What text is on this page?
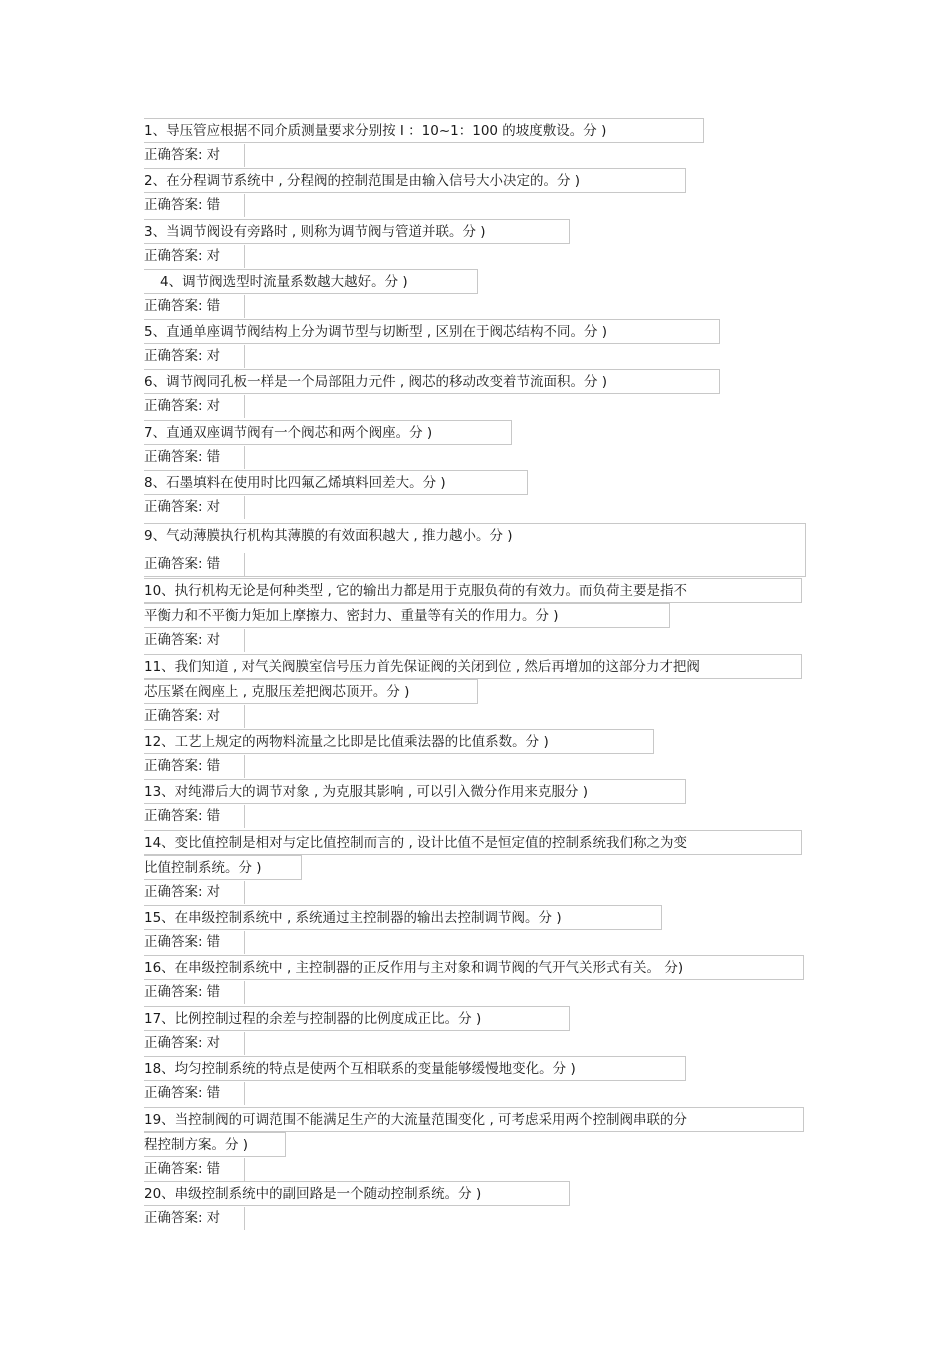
1、导压管应根据不同介质测量要求分别按 I ：10~1：100 的坡度敷设。分 )
正确答案: 对
2、在分程调节系统中 , 分程阀的控制范围是由输入信号大小决定的。分 )
正确答案: 错
3、当调节阀设有旁路时 , 则称为调节阀与管道并联。分 )
正确答案: 对
4、调节阀选型时流量系数越大越好。分 )
正确答案: 错
5、直通单座调节阀结构上分为调节型与切断型 , 区别在于阀芯结构不同。分 )
正确答案: 对
6、调节阀同孔板一样是一个局部阻力元件 , 阀芯的移动改变着节流面积。分 )
正确答案: 对
7、直通双座调节阀有一个阀芯和两个阀座。分 )
正确答案: 错
8、石墨填料在使用时比四氟乙烯填料回差大。分 )
正确答案: 对
9、气动薄膜执行机构其薄膜的有效面积越大 , 推力越小。分 )
正确答案: 错
10、执行机构无论是何种类型 , 它的输出力都是用于克服负荷的有效力。而负荷主要是指不
平衡力和不平衡力矩加上摩擦力、密封力、重量等有关的作用力。分 )
正确答案: 对
11、我们知道 , 对气关阀膜室信号压力首先保证阀的关闭到位 , 然后再增加的这部分力才把阀
芯压紧在阀座上 , 克服压差把阀芯顶开。分 )
正确答案: 对
12、工艺上规定的两物料流量之比即是比值乘法器的比值系数。分 )
正确答案: 错
13、对纯滞后大的调节对象 , 为克服其影响 , 可以引入微分作用来克服分 )
正确答案: 错
14、变比值控制是相对与定比值控制而言的 , 设计比值不是恒定值的控制系统我们称之为变
比值控制系统。分 )
正确答案: 对
15、在串级控制系统中 , 系统通过主控制器的输出去控制调节阀。分 )
正确答案: 错
16、在串级控制系统中 , 主控制器的正反作用与主对象和调节阀的气开气关形式有关。 分)
正确答案: 错
17、比例控制过程的余差与控制器的比例度成正比。分 )
正确答案: 对
18、均匀控制系统的特点是使两个互相联系的变量能够缓慢地变化。分 )
正确答案: 错
19、当控制阀的可调范围不能满足生产的大流量范围变化 , 可考虑采用两个控制阀串联的分
程控制方案。分 )
正确答案: 错
20、串级控制系统中的副回路是一个随动控制系统。分 )
正确答案: 对
